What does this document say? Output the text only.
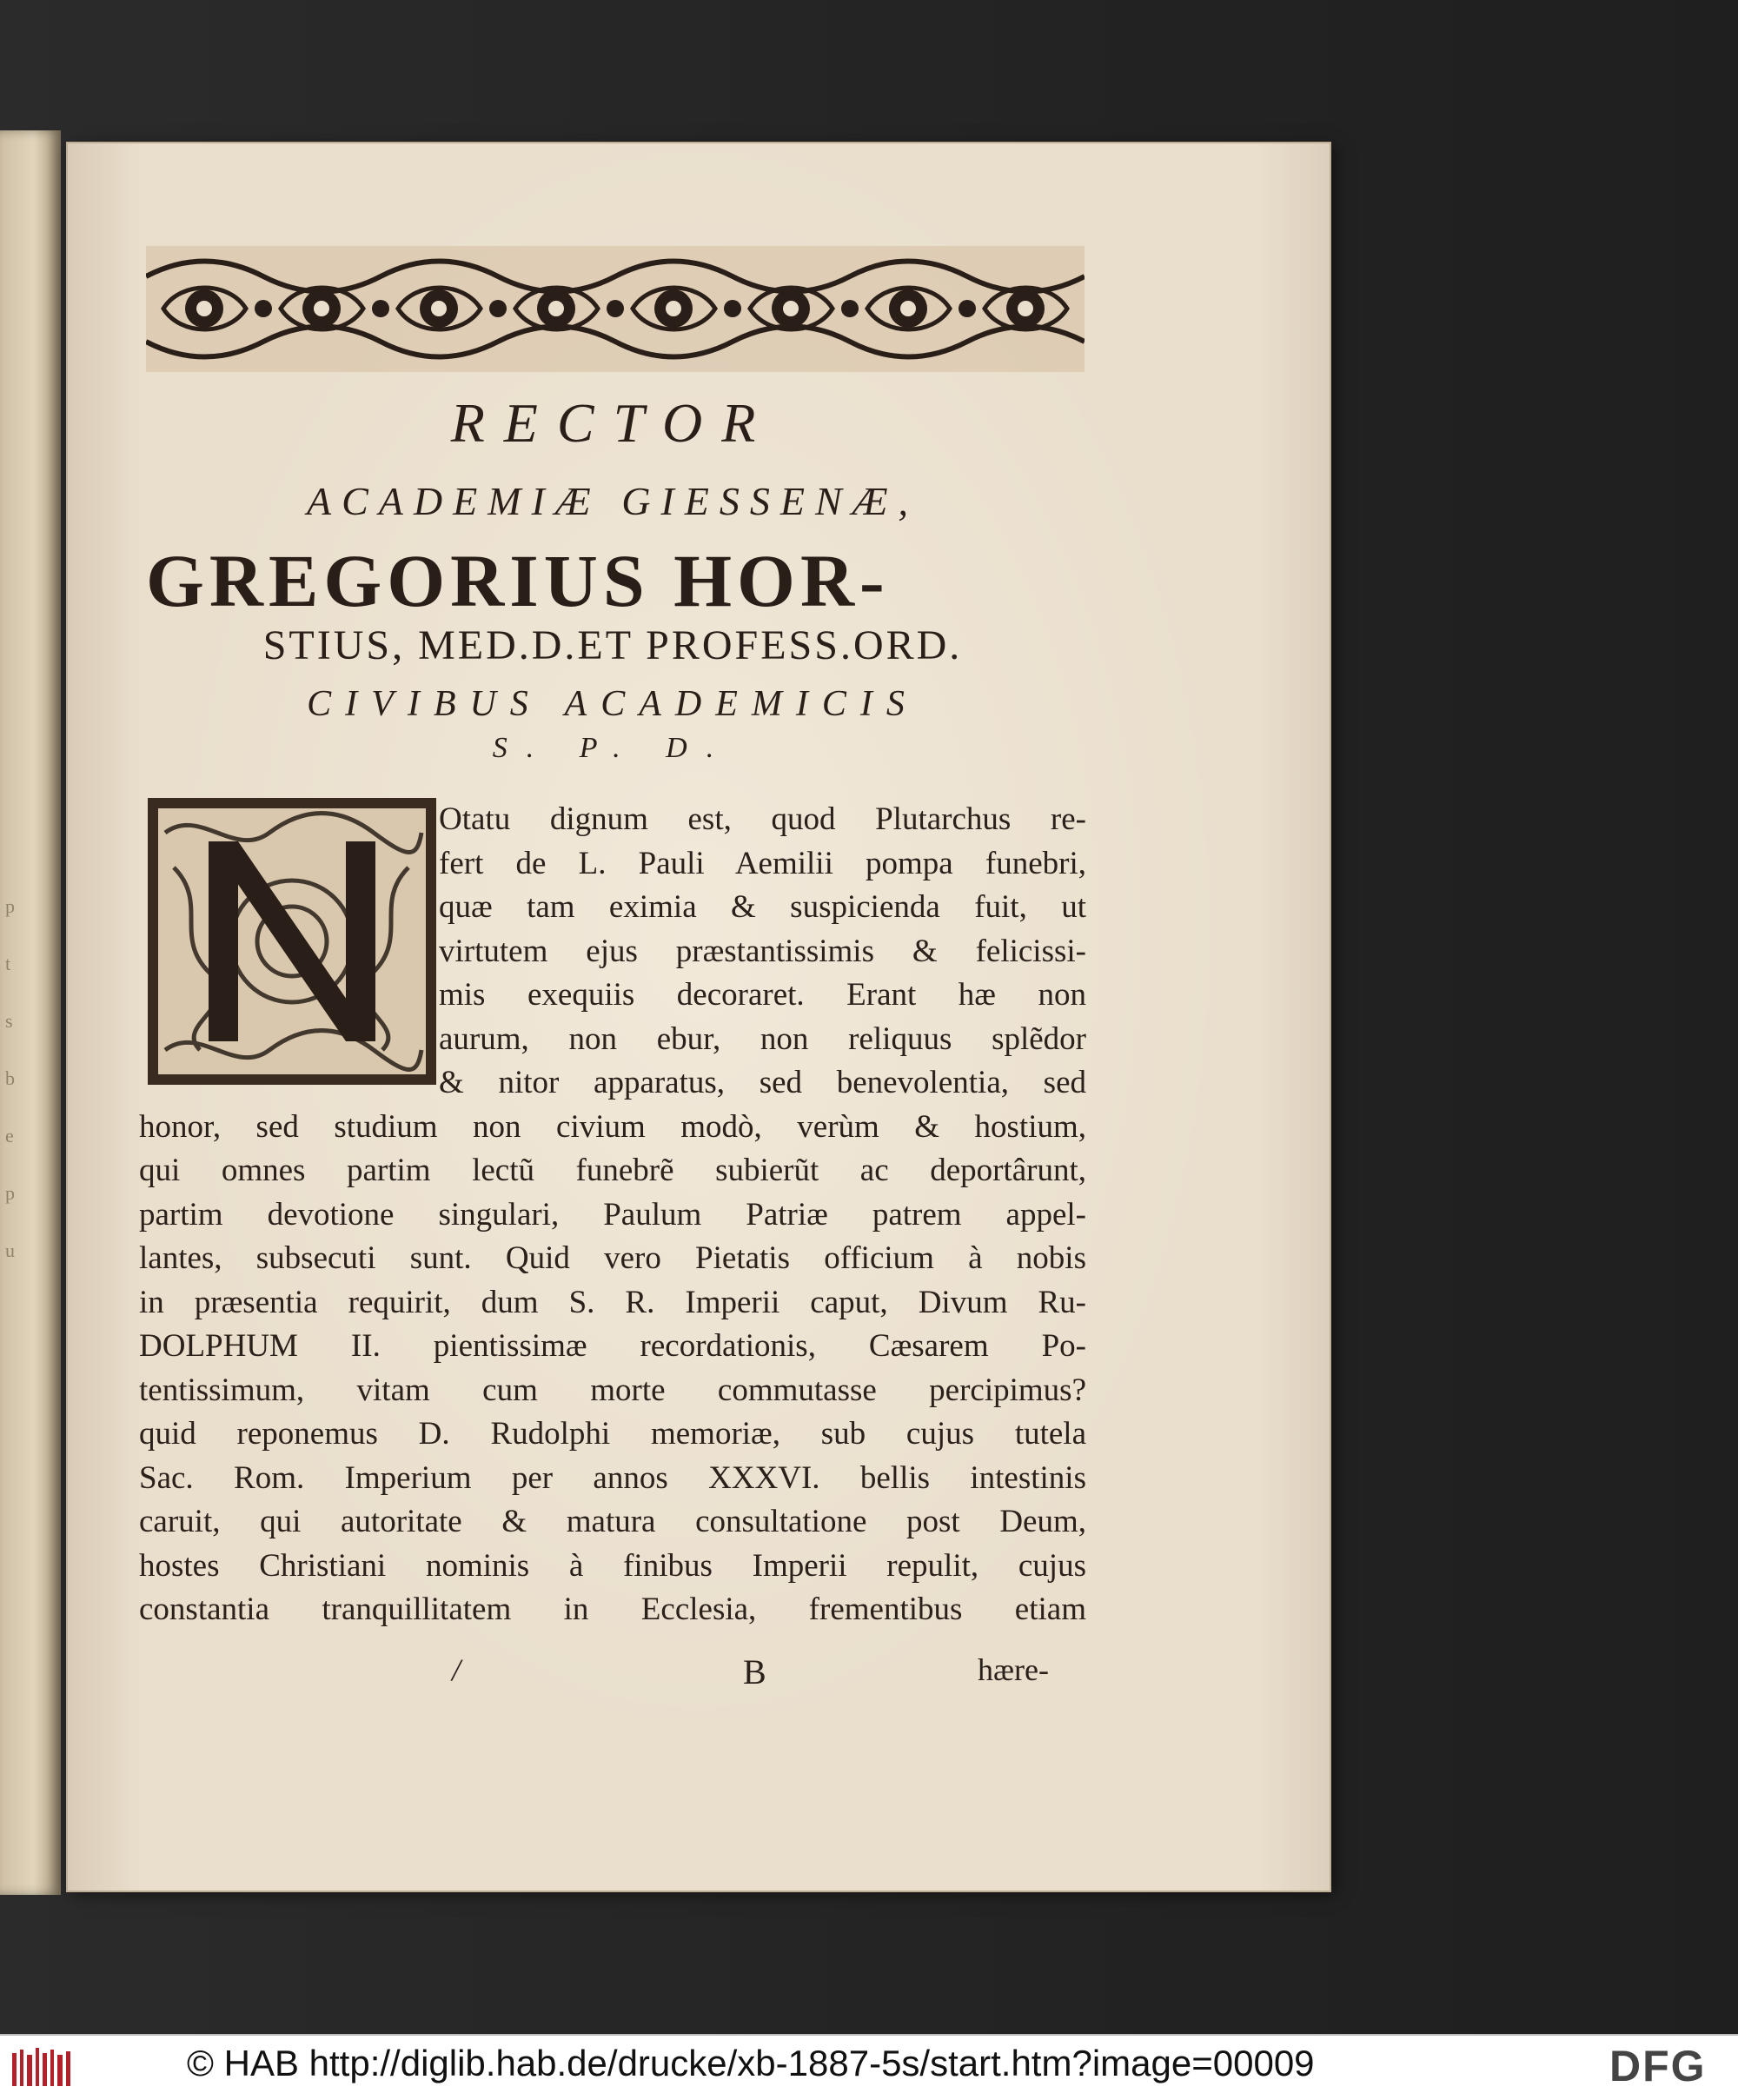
p
t
s
b
e
p
u
RECTOR
ACADEMIÆ GIESSENÆ,
GREGORIUS HOR-
STIUS, MED.D.ET PROFESS.ORD.
CIVIBUS ACADEMICIS
S. P. D.
Otatu dignum est, quod Plutarchus re-
fert de L. Pauli Aemilii pompa funebri,
quæ tam eximia & suspicienda fuit, ut
virtutem ejus præstantissimis & felicissi-
mis exequiis decoraret. Erant hæ non
aurum, non ebur, non reliquus splẽdor
& nitor apparatus, sed benevolentia, sed
honor, sed studium non civium modò, verùm & hostium,
qui omnes partim lectũ funebrẽ subierũt ac deportârunt,
partim devotione singulari, Paulum Patriæ patrem appel-
lantes, subsecuti sunt. Quid vero Pietatis officium à nobis
in præsentia requirit, dum S. R. Imperii caput, Divum Ru-
DOLPHUM II. pientissimæ recordationis, Cæsarem Po-
tentissimum, vitam cum morte commutasse percipimus?
quid reponemus D. Rudolphi memoriæ, sub cujus tutela
Sac. Rom. Imperium per annos XXXVI. bellis intestinis
caruit, qui autoritate & matura consultatione post Deum,
hostes Christiani nominis à finibus Imperii repulit, cujus
constantia tranquillitatem in Ecclesia, frementibus etiam
/	B	hære-
© HAB http://diglib.hab.de/drucke/xb-1887-5s/start.htm?image=00009	DFG
